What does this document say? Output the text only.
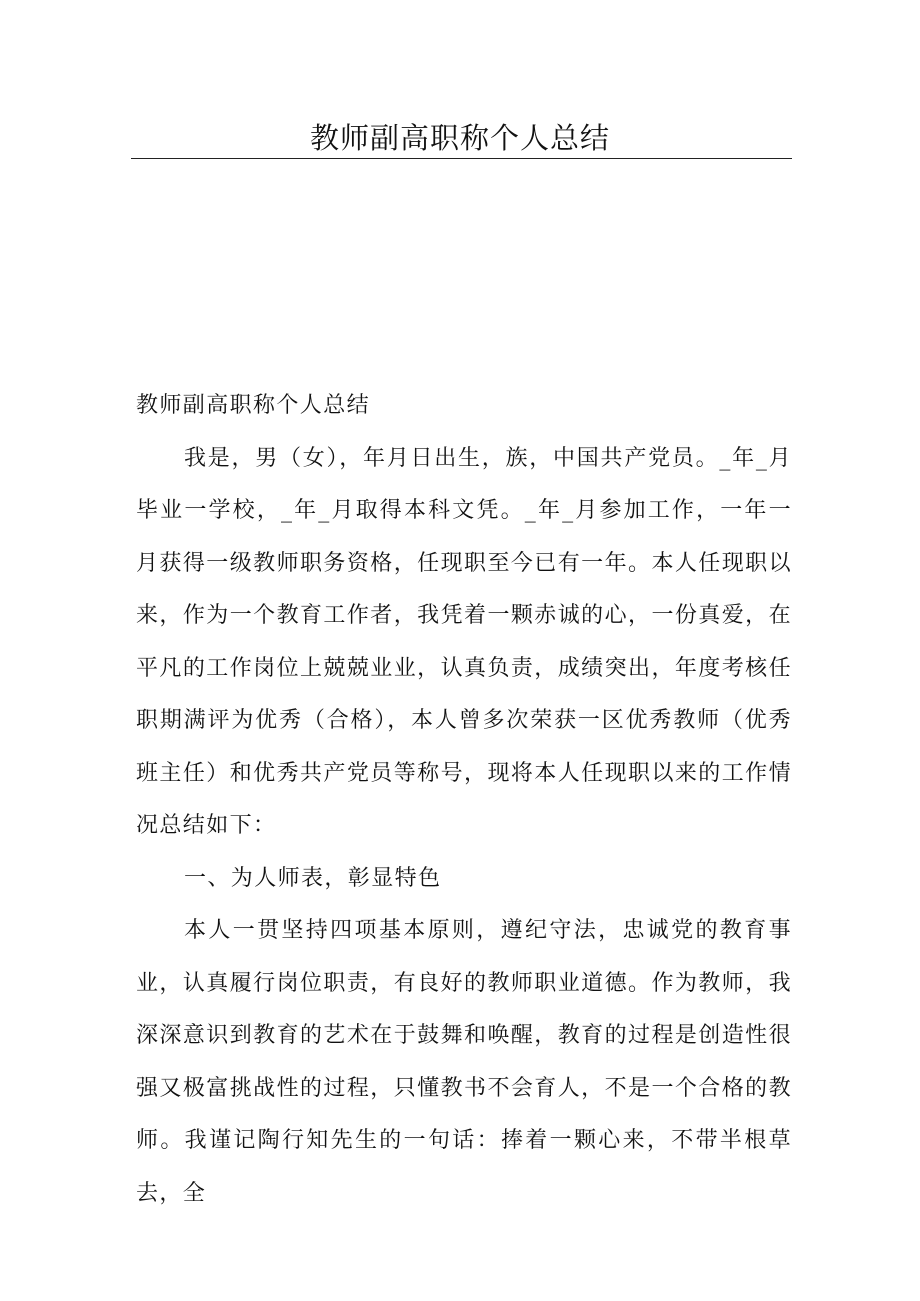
教师副高职称个人总结

教师副高职称个人总结

我是，男（女），年月日出生，族，中国共产党员。_年_月毕业一学校，_年_月取得本科文凭。_年_月参加工作，一年一月获得一级教师职务资格，任现职至今已有一年。本人任现职以来，作为一个教育工作者，我凭着一颗赤诚的心，一份真爱，在平凡的工作岗位上兢兢业业，认真负责，成绩突出，年度考核任职期满评为优秀（合格），本人曾多次荣获一区优秀教师（优秀班主任）和优秀共产党员等称号，现将本人任现职以来的工作情况总结如下：

一、为人师表，彰显特色

本人一贯坚持四项基本原则，遵纪守法，忠诚党的教育事业，认真履行岗位职责，有良好的教师职业道德。作为教师，我深深意识到教育的艺术在于鼓舞和唤醒，教育的过程是创造性很强又极富挑战性的过程，只懂教书不会育人，不是一个合格的教师。我谨记陶行知先生的一句话：捧着一颗心来，不带半根草去，全
